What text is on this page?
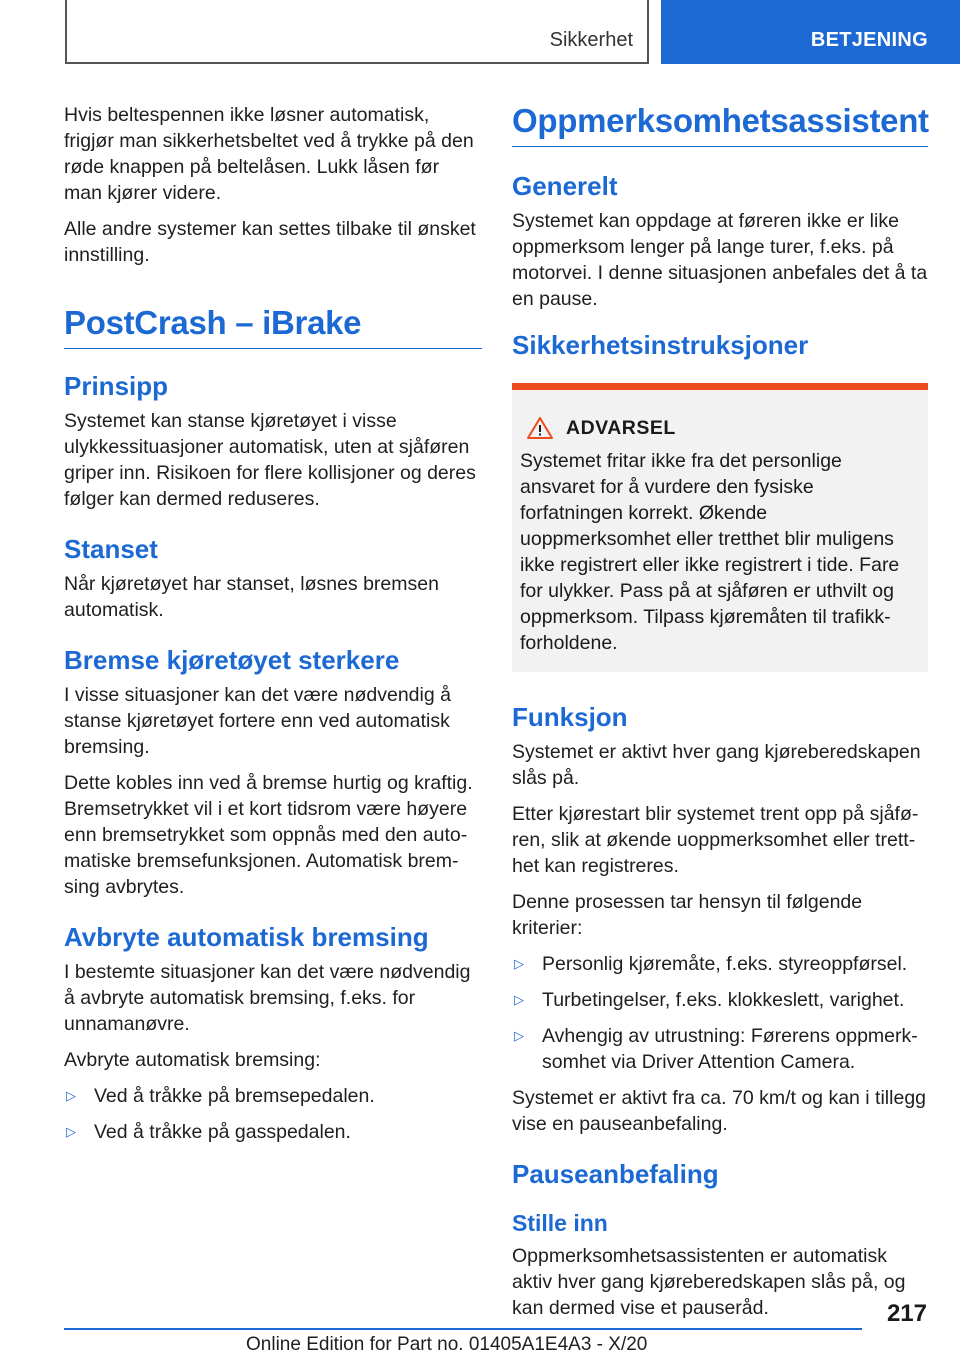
Sikkerhet	BETJENING

Hvis beltespennen ikke løsner automatisk, frigjør man sikkerhetsbeltet ved å trykke på den røde knappen på beltelåsen. Lukk låsen før man kjører videre.

Alle andre systemer kan settes tilbake til ønsket innstilling.

PostCrash – iBrake
Prinsipp

Systemet kan stanse kjøretøyet i visse ulykkessituasjoner automatisk, uten at sjåføren griper inn. Risikoen for flere kollisjoner og deres følger kan dermed reduseres.

Stanset

Når kjøretøyet har stanset, løsnes bremsen automatisk.

Bremse kjøretøyet sterkere

I visse situasjoner kan det være nødvendig å stanse kjøretøyet fortere enn ved automatisk bremsing.

Dette kobles inn ved å bremse hurtig og kraftig. Bremsetrykket vil i et kort tidsrom være høyere enn bremsetrykket som oppnås med den automatiske bremsefunksjonen. Automatisk bremsing avbrytes.

Avbryte automatisk bremsing

I bestemte situasjoner kan det være nødvendig å avbryte automatisk bremsing, f.eks. for unnamanøvre.

Avbryte automatisk bremsing:

▷ Ved å tråkke på bremsepedalen.
▷ Ved å tråkke på gasspedalen.
Oppmerksomhetsassistent
Generelt

Systemet kan oppdage at føreren ikke er like oppmerksom lenger på lange turer, f.eks. på motorvei. I denne situasjonen anbefales det å ta en pause.

Sikkerhetsinstruksjoner
ADVARSEL

Systemet fritar ikke fra det personlige ansvaret for å vurdere den fysiske forfatningen korrekt. Økende uoppmerksomhet eller tretthet blir muligens ikke registrert eller ikke registrert i tide. Fare for ulykker. Pass på at sjåføren er uthvilt og oppmerksom. Tilpass kjøremåten til trafikkforholdene.

Funksjon

Systemet er aktivt hver gang kjøreberedskapen slås på.

Etter kjørestart blir systemet trent opp på sjåføren, slik at økende uoppmerksomhet eller tretthet kan registreres.

Denne prosessen tar hensyn til følgende kriterier:

▷ Personlig kjøremåte, f.eks. styreoppførsel.
▷ Turbetingelser, f.eks. klokkeslett, varighet.
▷ Avhengig av utrustning: Førerens oppmerksomhet via Driver Attention Camera.

Systemet er aktivt fra ca. 70 km/t og kan i tillegg vise en pauseanbefaling.

Pauseanbefaling
Stille inn

Oppmerksomhetsassistenten er automatisk aktiv hver gang kjøreberedskapen slås på, og kan dermed vise et pauseråd.	217
Online Edition for Part no. 01405A1E4A3 - X/20
